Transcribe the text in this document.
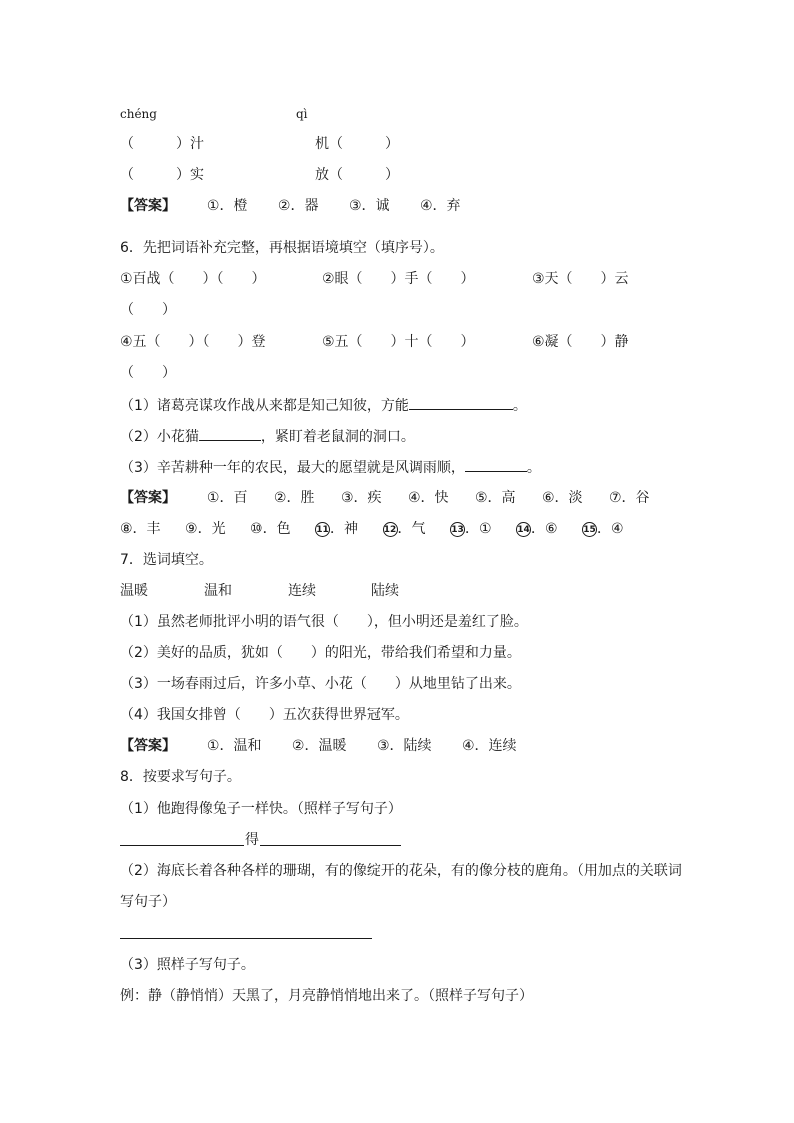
chéng	qì
（　　　）汁	机（　　　）
（　　　）实	放（　　　）
【答案】 ①．橙 ②．器 ③．诚 ④．弃
6．先把词语补充完整，再根据语境填空（填序号）。
①百战（　　）（　　）	②眼（　　）手（　　）	③天（　　）云
（　　）
④五（　　）（　　）登	⑤五（　　）十（　　）	⑥凝（　　）静
（　　）
（1）诸葛亮谋攻作战从来都是知己知彼，方能	。
（2）小花猫	，紧盯着老鼠洞的洞口。
（3）辛苦耕种一年的农民，最大的愿望就是风调雨顺，	。
【答案】 ①．百 ②．胜 ③．疾 ④．快 ⑤．高 ⑥．淡 ⑦．谷
⑧．丰 ⑨．光 ⑩．色	11．神	12．气	13．①	14．⑥	15．④
7．选词填空。
温暖	温和	连续	陆续
（1）虽然老师批评小明的语气很（　　），但小明还是羞红了脸。
（2）美好的品质，犹如（　　）的阳光，带给我们希望和力量。
（3）一场春雨过后，许多小草、小花（　　）从地里钻了出来。
（4）我国女排曾（　　）五次获得世界冠军。
【答案】 ①．温和 ②．温暖 ③．陆续 ④．连续
8．按要求写句子。
（1）他跑得像兔子一样快。（照样子写句子）
得
（2）海底长着各种各样的珊瑚，有的像绽开的花朵，有的像分枝的鹿角。（用加点的关联词
写句子）
（3）照样子写句子。
例：静（静悄悄）天黑了，月亮静悄悄地出来了。（照样子写句子）
